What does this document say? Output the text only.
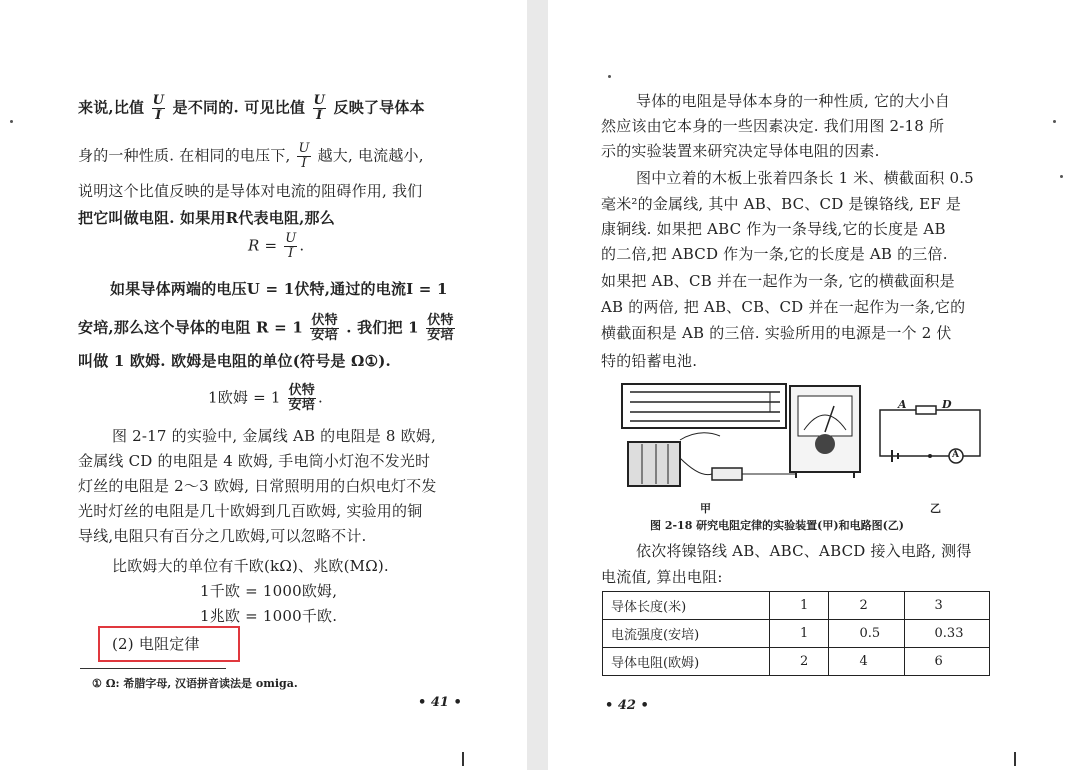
来说,比值 $\frac{U}{I}$ 是不同的. 可见比值 $\frac{U}{I}$ 反映了导体本
身的一种性质. 在相同的电压下, $\frac{U}{I}$ 越大, 电流越小,
说明这个比值反映的是导体对电流的阻碍作用, 我们
把它叫做电阻. 如果用R代表电阻,那么
$R = \frac{U}{I}$ .
如果导体两端的电压U = 1伏特,通过的电流I = 1
安培,那么这个导体的电阻 $R = 1 \frac{\text{伏特}}{\text{安培}}$ . 我们把 $1 \frac{\text{伏特}}{\text{安培}}$
叫做 1 欧姆. 欧姆是电阻的单位(符号是 Ω①).
1欧姆 = $1 \frac{\text{伏特}}{\text{安培}}$ .
图 2-17 的实验中, 金属线 AB 的电阻是 8 欧姆,
金属线 CD 的电阻是 4 欧姆, 手电筒小灯泡不发光时
灯丝的电阻是 2～3 欧姆, 日常照明用的白炽电灯不发
光时灯丝的电阻是几十欧姆到几百欧姆, 实验用的铜
导线,电阻只有百分之几欧姆,可以忽略不计.
比欧姆大的单位有千欧(kΩ)、兆欧(MΩ).
1千欧 = 1000欧姆,
1兆欧 = 1000千欧.
(2) 电阻定律
① Ω: 希腊字母, 汉语拼音读法是 omiga.
• 41 •
导体的电阻是导体本身的一种性质, 它的大小自
然应该由它本身的一些因素决定. 我们用图 2-18 所
示的实验装置来研究决定导体电阻的因素.
图中立着的木板上张着四条长 1 米、横截面积 0.5
毫米²的金属线, 其中 AB、BC、CD 是镍铬线, EF 是
康铜线. 如果把 ABC 作为一条导线,它的长度是 AB
的二倍,把 ABCD 作为一条,它的长度是 AB 的三倍.
如果把 AB、CB 并在一起作为一条, 它的横截面积是
AB 的两倍, 把 AB、CB、CD 并在一起作为一条,它的
横截面积是 AB 的三倍. 实验所用的电源是一个 2 伏
特的铅蓄电池.
A	D
A
甲	乙
图 2-18 研究电阻定律的实验装置(甲)和电路图(乙)
依次将镍铬线 AB、ABC、ABCD 接入电路, 测得
电流值, 算出电阻:
导体长度(米)	1	2	3
电流强度(安培)	1	0.5	0.33
导体电阻(欧姆)	2	4	6
• 42 •
